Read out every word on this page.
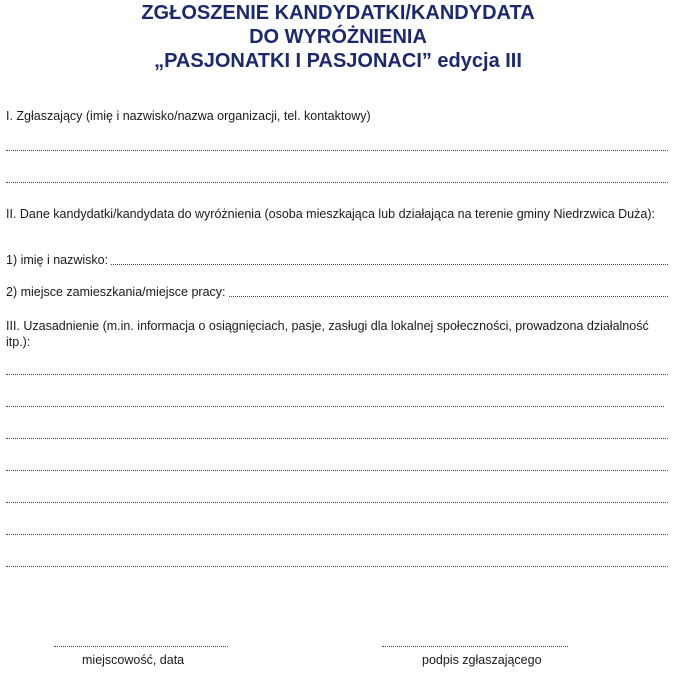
ZGŁOSZENIE KANDYDATKI/KANDYDATA
DO WYRÓŻNIENIA
„PASJONATKI I PASJONACI” edycja III
I. Zgłaszający (imię i nazwisko/nazwa organizacji, tel. kontaktowy)
II. Dane kandydatki/kandydata do wyróżnienia (osoba mieszkająca lub działająca na terenie gminy Niedrzwica Duża):
1) imię i nazwisko:
2) miejsce zamieszkania/miejsce pracy:
III. Uzasadnienie (m.in. informacja o osiągnięciach, pasje, zasługi dla lokalnej społeczności, prowadzona działalność itp.):
miejscowość, data	podpis zgłaszającego
